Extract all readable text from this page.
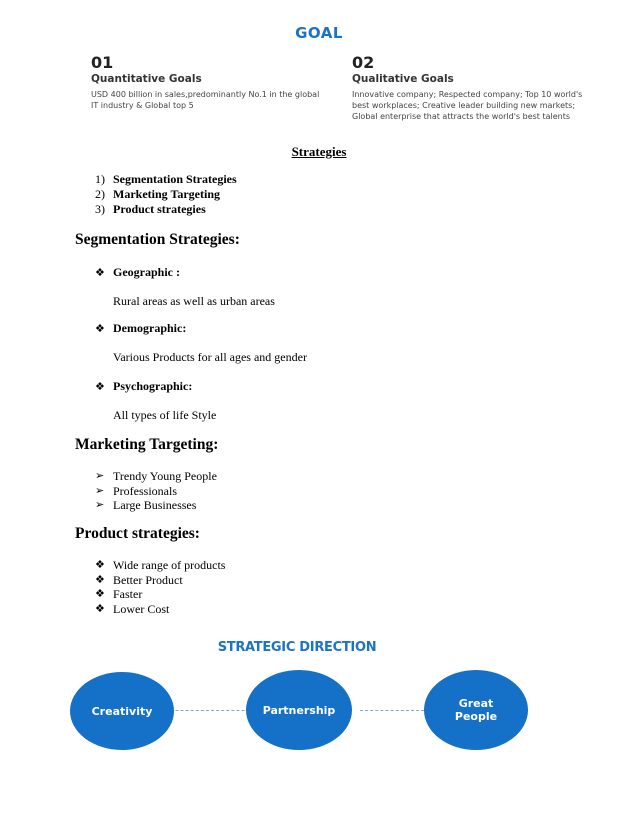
GOAL
01
Quantitative Goals
USD 400 billion in sales,predominantly No.1 in the global IT industry & Global top 5
02
Qualitative Goals
Innovative company; Respected company; Top 10 world's best workplaces; Creative leader building new markets; Global enterprise that attracts the world's best talents
Strategies
1) Segmentation Strategies
2) Marketing Targeting
3) Product strategies
Segmentation Strategies:
❖ Geographic :
Rural areas as well as urban areas
❖ Demographic:
Various Products for all ages and gender
❖ Psychographic:
All types of life Style
Marketing Targeting:
➢ Trendy Young People
➢ Professionals
➢ Large Businesses
Product strategies:
❖ Wide range of products
❖ Better Product
❖ Faster
❖ Lower Cost
STRATEGIC DIRECTION
Creativity	Partnership	Great
People
